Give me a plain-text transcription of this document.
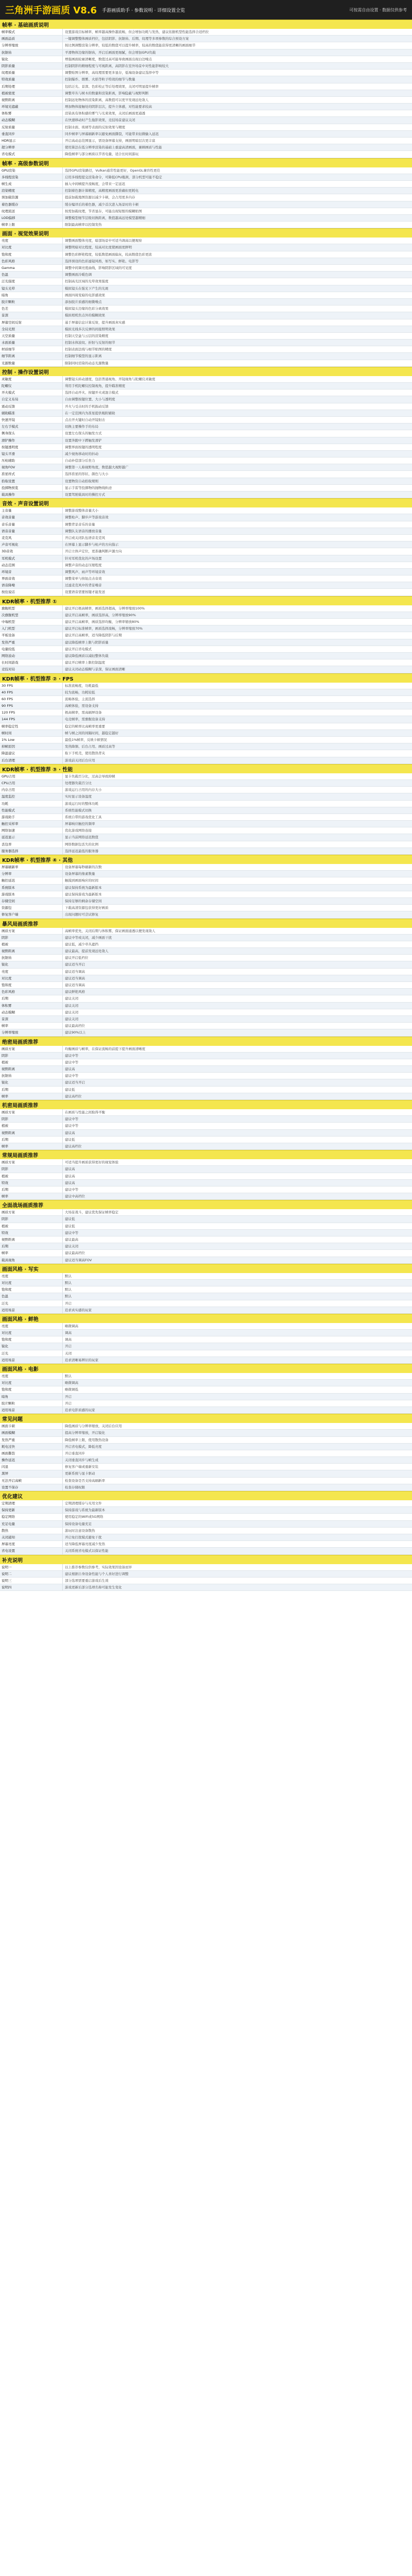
三角洲手游画质 V8.6 手游画质助手 · 参数说明 · 详细设置全览	可按需自由设置 · 数据仅供参考
帧率 · 基础画质说明
帧率模式	设置游戏目标帧率，帧率越高操作越流畅，但会增加功耗与发热，建议依据机型性能选择合适档位
画面品质	一键调整整体画质档位，包括阴影、抗锯齿、后期、纹理等多项参数的综合预设方案
分辨率缩放	按比例调整渲染分辨率，较低的数值可以提升帧率，较高的数值能获得更清晰的画面细节
抗锯齿	平滑物体边缘的锯齿，开启后画面更细腻，但会增加GPU负载
锐化	增强画面轮廓清晰度，数值过高可能导致画面出现白边噪点
阴影质量	控制阴影的精细程度与可视距离，高阴影在室外场景中对性能影响较大
纹理质量	调整贴图分辨率，高纹理需要更多显存，低端设备建议选择中等
特效质量	控制爆炸、烟雾、火焰等粒子特效的细节与数量
后期处理	包括泛光、景深、色彩校正等后处理效果，关闭可明显提升帧率
植被密度	调整草丛与树木的数量和渲染距离，影响隐蔽与视野判断
视野距离	控制远处物体的渲染距离，高数值可以更早发现远处敌人
环境光遮蔽	增加物体接触处的阴影层次，提升立体感，对性能要求较高
体积雾	渲染具有体积感的雾气与光束效果，关闭后画面更通透
动态模糊	在快速移动时产生拖影效果，竞技场景建议关闭
反射质量	控制水面、玻璃等表面的反射效果与精度
垂直同步	同步帧率与屏幕刷新率以避免画面撕裂，可能带来轻微输入延迟
HDR显示	开启高动态范围显示，需设备屏幕支持，画面明暗层次更丰富
超分辨率	使用算法在低分辨率渲染的基础上重建高清画面，兼顾画质与性能
省电模式	降低帧率与部分画质以节省电量，适合长时间游玩
帧率 · 高级参数说明
GPU渲染	选择GPU渲染路径，Vulkan通常性能更好，OpenGL兼容性更佳
多线程渲染	启用多线程提交渲染命令，可降低CPU瓶颈，部分机型可能不稳定
帧生成	插入中间帧提升流畅度，会带来一定延迟
渲染精度	控制着色器计算精度，高精度画面更准确但更耗电
预加载资源	提前加载地图资源以减少卡顿，会占用更多内存
着色器缓存	缓存编译后的着色器，减少首次进入场景时的卡顿
纹理流送	按需加载纹理，节省显存，可能出现短暂的模糊贴图
LOD偏移	调整模型细节层级切换距离，数值越高远处模型越精细
帧率上限	限制最高帧率以控制发热
画面 · 视觉效果说明
亮度	调整画面整体亮度，暗部场景中可适当调高以便观察
对比度	调整明暗对比程度，较高对比度使画面更鲜明
饱和度	调整色彩鲜艳程度，较低数值画面偏灰，较高数值色彩更浓
色彩风格	选择预设的色彩滤镜风格，如写实、鲜艳、电影等
Gamma	调整中间调亮度曲线，影响阴影区域的可见度
色温	调整画面冷暖色调
泛光强度	控制高光区域的光晕效果强度
镜头光晕	模拟镜头在强光下产生的光斑
暗角	画面四周变暗的电影感效果
胶片颗粒	添加胶片质感的细微噪点
色差	模拟镜头边缘的色彩分离效果
景深	模拟相机焦点外的模糊效果
屏幕空间反射	基于屏幕信息计算反射，提升画面真实感
全局光照	模拟光线多次反弹的间接照明效果
天空质量	控制天空盒与云层的渲染精度
水面质量	控制水体波纹、折射与反射的细节
材质细节	控制表面法线与细节贴图的精度
细节距离	控制细节模型的显示距离
光源数量	限制同时渲染的动态光源数量
控制 · 操作设置说明
灵敏度	调整镜头转动速度，包括普通视角、开镜视角与陀螺仪灵敏度
陀螺仪	利用手机陀螺仪控制视角，提升瞄准精度
开火模式	选择自动开火、按键开火或混合模式
自定义布局	自由调整按键位置、大小与透明度
震动反馈	开火与受击时的手机振动反馈
辅助瞄准	在一定范围内为准星提供吸附辅助
快速开镜	点击开火键时自动开镜射击
左右手模式	切换主要操作手的布局
侧身探头	设置左右探头的触发方式
滑铲操作	设置奔跑中下蹲触发滑铲
按键透明度	调整界面按键的透明程度
镜头平滑	减少视角移动时的抖动
压枪辅助	自动补偿部分后坐力
视角FOV	调整第一人称视野角度，数值越大视野越广
准星样式	选择准星的形状、颜色与大小
拾取设置	设置物资自动拾取规则
投掷物预览	显示手雷等投掷物的抛物线轨迹
载具操作	设置驾驶载具时的操控方式
音效 · 声音设置说明
主音量	调整游戏整体音量大小
音效音量	调整枪声、脚步声等游戏音效
音乐音量	调整背景音乐的音量
语音音量	调整队友语音的播放音量
麦克风	开启或关闭队伍语音麦克风
声音可视化	在屏幕上显示脚步与枪声的方向指示
3D音效	开启立体声定位，更准确判断声源方向
耳机模式	针对耳机优化的声场设置
动态范围	调整声音的动态压缩程度
环境音	调整风声、雨声等环境音效
界面音效	调整菜单与按钮点击音效
语音降噪	过滤麦克风中的背景噪音
按住说话	设置语音需要按键才能发送
KDR帧率 · 机型推荐 ①
旗舰机型	建议开启极高帧率，画质选择超高，分辨率缩放100%
次旗舰机型	建议开启高帧率，画质选择高，分辨率缩放90%
中端机型	建议开启高帧率，画质选择均衡，分辨率缩放80%
入门机型	建议开启标准帧率，画质选择流畅，分辨率缩放70%
平板设备	建议开启高帧率，适当降低阴影与后期
发热严重	建议降低帧率上限与阴影质量
电量较低	建议开启省电模式
网络波动	建议降低画质以减轻整体负载
长时间游戏	建议开启帧率上限控制温度
竞技对局	建议关闭动态模糊与景深，保证画面清晰
KDR帧率 · 机型推荐 ② · FPS
30 FPS	标准流畅度，功耗最低
40 FPS	较为流畅，功耗较低
60 FPS	流畅体验，主流选择
90 FPS	高帧体验，需设备支持
120 FPS	极高帧率，需高刷屏设备
144 FPS	电竞帧率，需旗舰设备支持
帧率稳定性	稳定的帧率比高帧率更重要
帧时间	帧与帧之间的间隔时间，越稳定越好
1% Low	最低1%帧率，反映卡顿情况
掉帧原因	发热降频、后台占用、画质过高等
降温建议	取下手机壳，使用散热背夹
后台清理	游戏前关闭后台应用
KDR帧率 · 机型推荐 ③ · 性能
GPU占用	显卡负载百分比，过高会导致掉帧
CPU占用	处理器负载百分比
内存占用	游戏运行占用的内存大小
温度监控	实时显示设备温度
功耗	游戏运行时的整体功耗
性能模式	系统性能模式切换
游戏助手	系统自带的游戏优化工具
触控采样率	屏幕响应触控的频率
网络加速	优化游戏网络连接
延迟显示	显示当前网络延迟数值
丢包率	网络数据包丢失的比例
服务器选择	选择延迟最低的服务器
KDR帧率 · 机型推荐 ④ · 其他
屏幕刷新率	设备屏幕每秒刷新的次数
分辨率	设备屏幕的像素数量
触控延迟	触摸到画面响应的时间
系统版本	建议保持系统为最新版本
游戏版本	建议保持游戏为最新版本
存储空间	保持足够的剩余存储空间
资源包	下载高清资源包获得更好画质
修复客户端	出现问题时可尝试修复
暴风局画质推荐
画质方案	高帧率优先，关闭后期与体积雾，保证画面通透以便发现敌人
阴影	建议中等或关闭，减少画面干扰
植被	建议低，减少草丛遮挡
视野距离	建议最高，提前发现远处敌人
抗锯齿	建议开启低档位
锐化	建议适当开启
亮度	建议适当调高
对比度	建议适当调高
饱和度	建议适当调高
色彩风格	建议鲜艳风格
后期	建议关闭
体积雾	建议关闭
动态模糊	建议关闭
景深	建议关闭
帧率	建议最高档位
分辨率缩放	建议90%以上
绝密局画质推荐
画质方案	均衡画质与帧率，在保证流畅的前提下提升画面清晰度
阴影	建议中等
植被	建议中等
视野距离	建议高
抗锯齿	建议中等
锐化	建议适当开启
后期	建议低
帧率	建议高档位
机密局画质推荐
画质方案	在画质与性能之间取得平衡
阴影	建议中等
植被	建议中等
视野距离	建议高
后期	建议低
帧率	建议高档位
常规局画质推荐
画质方案	可适当提升画质获得更好的视觉体验
阴影	建议高
植被	建议高
特效	建议高
后期	建议中等
帧率	建议中高档位
全面战场画质推荐
画质方案	大场景战斗，建议优先保证帧率稳定
阴影	建议低
植被	建议低
特效	建议中等
视野距离	建议最高
后期	建议关闭
帧率	建议最高档位
载具视角	建议适当调高FOV
画面风格 · 写实
亮度	默认
对比度	默认
饱和度	默认
色温	默认
泛光	开启
适用场景	追求真实感的玩家
画面风格 · 鲜艳
亮度	略微调高
对比度	调高
饱和度	调高
锐化	开启
泛光	关闭
适用场景	追求清晰易辨识的玩家
画面风格 · 电影
亮度	默认
对比度	略微调高
饱和度	略微调低
暗角	开启
胶片颗粒	开启
适用场景	追求电影质感的玩家
常见问题
画面卡顿	降低画质与分辨率缩放，关闭后台应用
画面模糊	提高分辨率缩放，开启锐化
发热严重	降低帧率上限，使用散热设备
耗电过快	开启省电模式，降低亮度
画面撕裂	开启垂直同步
操作延迟	关闭垂直同步与帧生成
闪退	修复客户端或重新安装
黑屏	更新系统与显卡驱动
无法开启高帧	检查设备是否支持高刷新率
设置不保存	检查存储权限
优化建议
定期清理	定期清理缓存与无用文件
保持更新	保持游戏与系统为最新版本
稳定网络	使用稳定的WiFi或5G网络
充足电量	保持设备电量充足
散热	游玩时注意设备散热
关闭通知	开启免打扰模式避免干扰
屏幕亮度	适当降低屏幕亮度减少发热
省电设置	关闭系统省电模式以保证性能
补充说明
说明一	以上推荐参数仅供参考，实际效果因设备而异
说明二	建议根据自身设备性能与个人喜好进行调整
说明三	部分选项需要重启游戏后生效
说明四	游戏更新后部分选项名称可能发生变化
